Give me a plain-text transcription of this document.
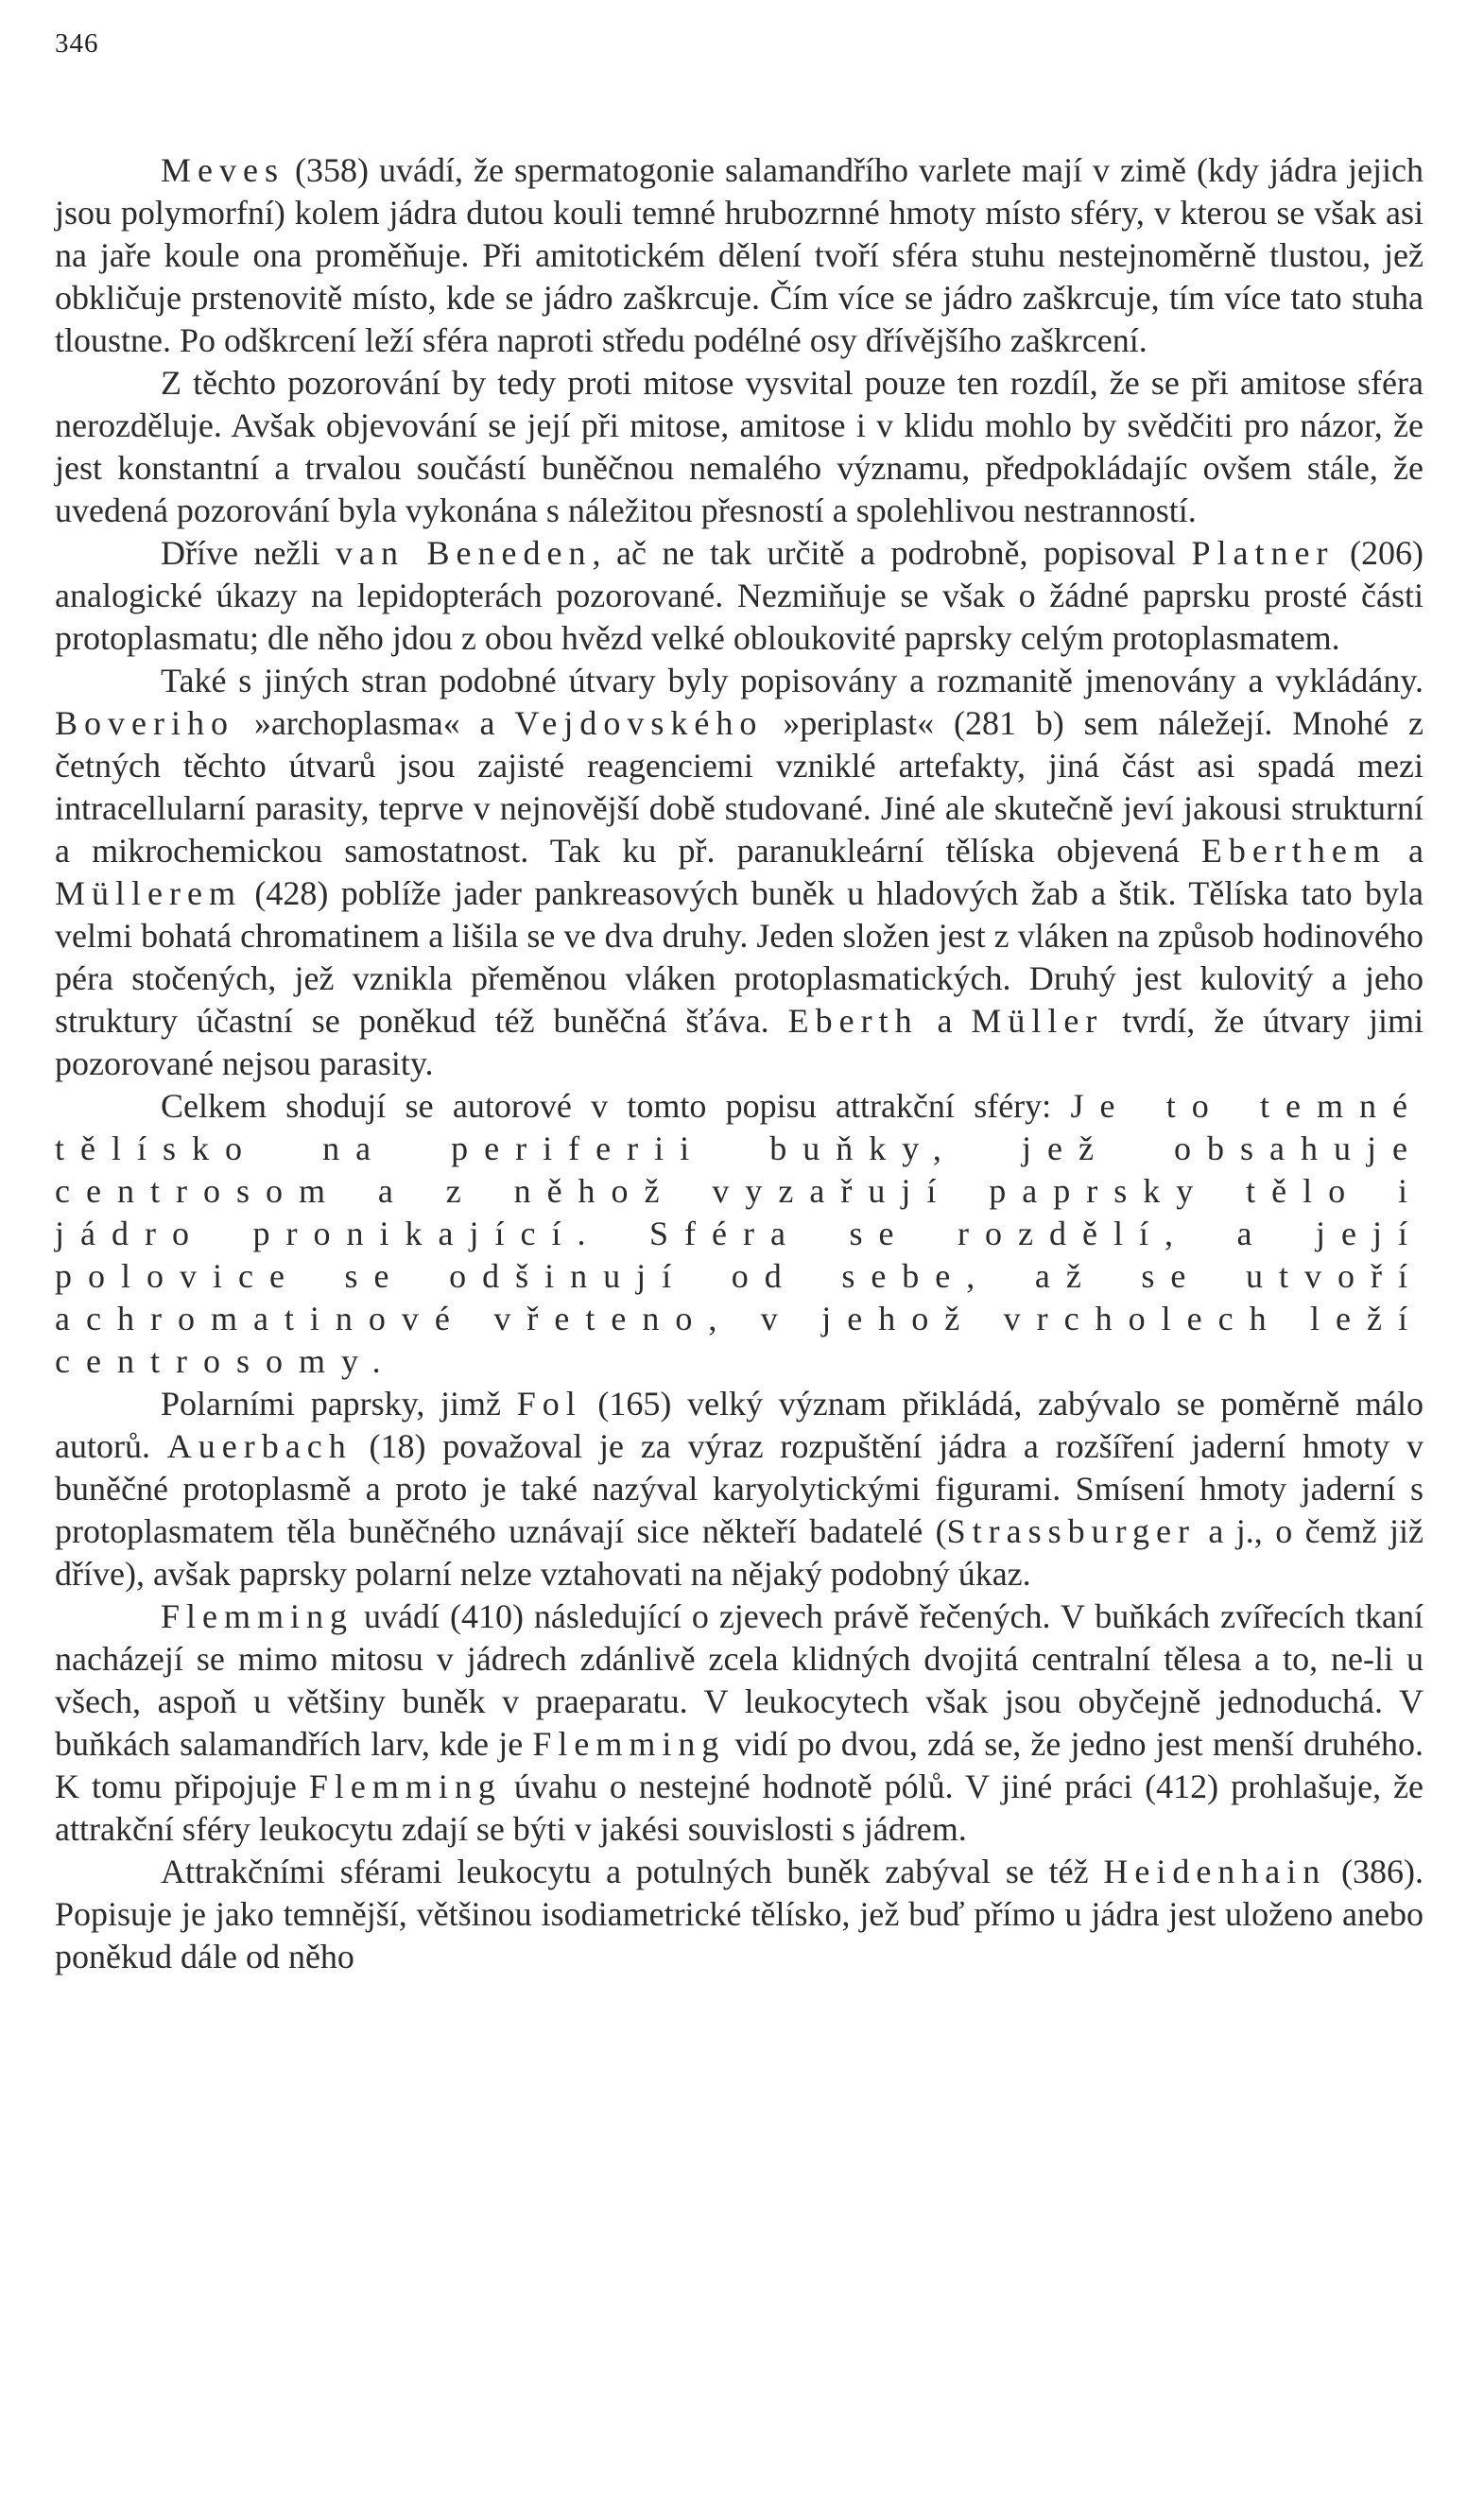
346

Meves (358) uvádí, že spermatogonie salamandřího varlete mají v zimě (kdy jádra jejich jsou polymorfní) kolem jádra dutou kouli temné hrubozrnné hmoty místo sféry, v kterou se však asi na jaře koule ona proměňuje. Při amitotickém dělení tvoří sféra stuhu nestejnoměrně tlustou, jež obkličuje prstenovitě místo, kde se jádro zaškrcuje. Čím více se jádro zaškrcuje, tím více tato stuha tloustne. Po odškrcení leží sféra naproti středu podélné osy dřívějšího zaškrcení.

Z těchto pozorování by tedy proti mitose vysvital pouze ten rozdíl, že se při amitose sféra nerozděluje. Avšak objevování se její při mitose, amitose i v klidu mohlo by svědčiti pro názor, že jest konstantní a trvalou součástí buněčnou nemalého významu, předpokládajíc ovšem stále, že uvedená pozorování byla vykonána s náležitou přesností a spolehlivou nestranností.

Dříve nežli van Beneden, ač ne tak určitě a podrobně, popisoval Platner (206) analogické úkazy na lepidopterách pozorované. Nezmiňuje se však o žádné paprsku prosté části protoplasmatu; dle něho jdou z obou hvězd velké obloukovité paprsky celým protoplasmatem.

Také s jiných stran podobné útvary byly popisovány a rozmanitě jmenovány a vykládány. Boveriho »archoplasma« a Vejdovského »periplast« (281 b) sem náležejí. Mnohé z četných těchto útvarů jsou zajisté reagenciemi vzniklé artefakty, jiná část asi spadá mezi intracellularní parasity, teprve v nejnovější době studované. Jiné ale skutečně jeví jakousi strukturní a mikrochemickou samostatnost. Tak ku př. paranukleární tělíska objevená Eberthem a Müllerem (428) poblíže jader pankreasových buněk u hladových žab a štik. Tělíska tato byla velmi bohatá chromatinem a lišila se ve dva druhy. Jeden složen jest z vláken na způsob hodinového péra stočených, jež vznikla přeměnou vláken protoplasmatických. Druhý jest kulovitý a jeho struktury účastní se poněkud též buněčná šťáva. Eberth a Müller tvrdí, že útvary jimi pozorované nejsou parasity.

Celkem shodují se autorové v tomto popisu attrakční sféry: Je to temné tělísko na periferii buňky, jež obsahuje centrosom a z něhož vyzařují paprsky tělo i jádro pronikající. Sféra se rozdělí, a její polovice se odšinují od sebe, až se utvoří achromatinové vřeteno, v jehož vrcholech leží centrosomy.

Polarními paprsky, jimž Fol (165) velký význam přikládá, zabývalo se poměrně málo autorů. Auerbach (18) považoval je za výraz rozpuštění jádra a rozšíření jaderní hmoty v buněčné protoplasmě a proto je také nazýval karyolytickými figurami. Smísení hmoty jaderní s protoplasmatem těla buněčného uznávají sice někteří badatelé (Strassburger a j., o čemž již dříve), avšak paprsky polarní nelze vztahovati na nějaký podobný úkaz.

Flemming uvádí (410) následující o zjevech právě řečených. V buňkách zvířecích tkaní nacházejí se mimo mitosu v jádrech zdánlivě zcela klidných dvojitá centralní tělesa a to, ne-li u všech, aspoň u většiny buněk v praeparatu. V leukocytech však jsou obyčejně jednoduchá. V buňkách salamandřích larv, kde je Flemming vidí po dvou, zdá se, že jedno jest menší druhého. K tomu připojuje Flemming úvahu o nestejné hodnotě pólů. V jiné práci (412) prohlašuje, že attrakční sféry leukocytu zdají se býti v jakési souvislosti s jádrem.

Attrakčními sférami leukocytu a potulných buněk zabýval se též Heidenhain (386). Popisuje je jako temnější, většinou isodiametrické tělísko, jež buď přímo u jádra jest uloženo anebo poněkud dále od něho
